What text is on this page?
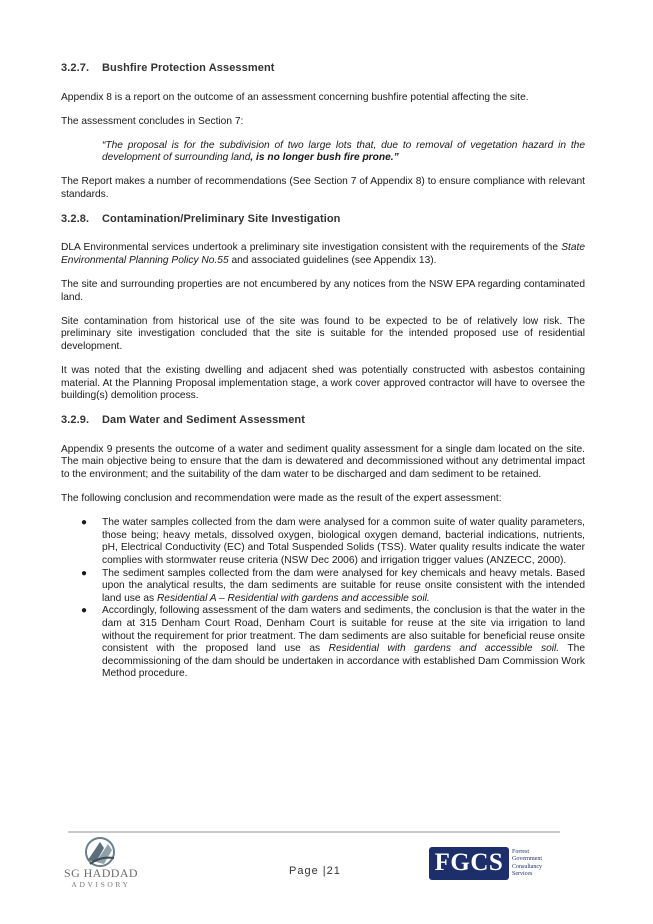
3.2.7. Bushfire Protection Assessment

Appendix 8 is a report on the outcome of an assessment concerning bushfire potential affecting the site.

The assessment concludes in Section 7:

“The proposal is for the subdivision of two large lots that, due to removal of vegetation hazard in the development of surrounding land, is no longer bush fire prone.”

The Report makes a number of recommendations (See Section 7 of Appendix 8) to ensure compliance with relevant standards.

3.2.8. Contamination/Preliminary Site Investigation

DLA Environmental services undertook a preliminary site investigation consistent with the requirements of the State Environmental Planning Policy No.55 and associated guidelines (see Appendix 13).

The site and surrounding properties are not encumbered by any notices from the NSW EPA regarding contaminated land.

Site contamination from historical use of the site was found to be expected to be of relatively low risk. The preliminary site investigation concluded that the site is suitable for the intended proposed use of residential development.

It was noted that the existing dwelling and adjacent shed was potentially constructed with asbestos containing material. At the Planning Proposal implementation stage, a work cover approved contractor will have to oversee the building(s) demolition process.

3.2.9. Dam Water and Sediment Assessment

Appendix 9 presents the outcome of a water and sediment quality assessment for a single dam located on the site. The main objective being to ensure that the dam is dewatered and decommissioned without any detrimental impact to the environment; and the suitability of the dam water to be discharged and dam sediment to be retained.

The following conclusion and recommendation were made as the result of the expert assessment:

● The water samples collected from the dam were analysed for a common suite of water quality parameters, those being; heavy metals, dissolved oxygen, biological oxygen demand, bacterial indications, nutrients, pH, Electrical Conductivity (EC) and Total Suspended Solids (TSS). Water quality results indicate the water complies with stormwater reuse criteria (NSW Dec 2006) and irrigation trigger values (ANZECC, 2000).
● The sediment samples collected from the dam were analysed for key chemicals and heavy metals. Based upon the analytical results, the dam sediments are suitable for reuse onsite consistent with the intended land use as Residential A – Residential with gardens and accessible soil.
● Accordingly, following assessment of the dam waters and sediments, the conclusion is that the water in the dam at 315 Denham Court Road, Denham Court is suitable for reuse at the site via irrigation to land without the requirement for prior treatment. The dam sediments are also suitable for beneficial reuse onsite consistent with the proposed land use as Residential with gardens and accessible soil. The decommissioning of the dam should be undertaken in accordance with established Dam Commission Work Method procedure.
SG HADDAD
ADVISORY
Page |21	FGCS	Forrest
Government
Consultancy
Services
